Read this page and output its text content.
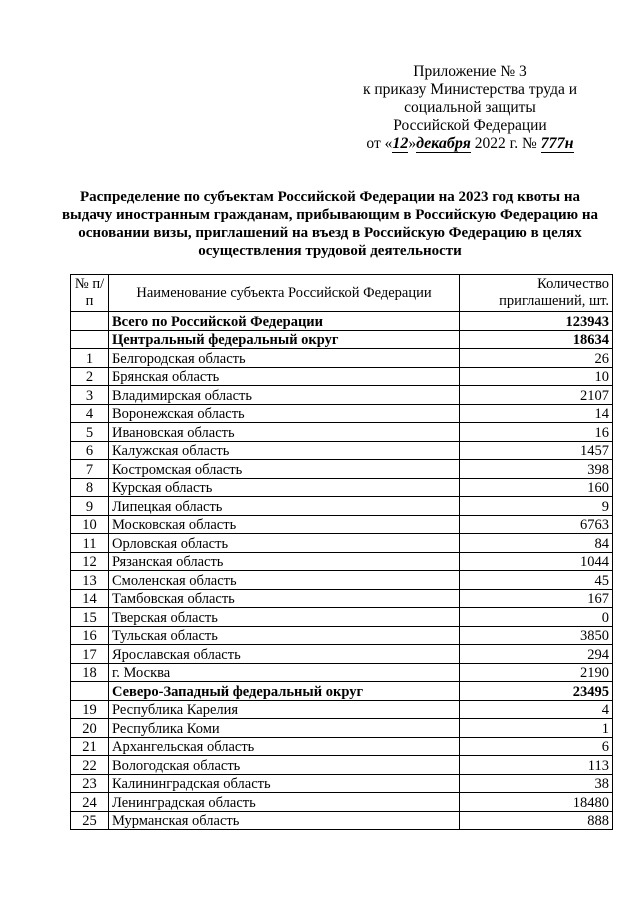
Приложение № 3
к приказу Министерства труда и
социальной защиты
Российской Федерации
от «12»декабря 2022 г. № 777н
Распределение по субъектам Российской Федерации на 2023 год квоты на выдачу иностранным гражданам, прибывающим в Российскую Федерацию на основании визы, приглашений на въезд в Российскую Федерацию в целях осуществления трудовой деятельности
№ п/п	Наименование субъекта Российской Федерации	Количество приглашений, шт.
	Всего по Российской Федерации	123943
	Центральный федеральный округ	18634
1	Белгородская область	26
2	Брянская область	10
3	Владимирская область	2107
4	Воронежская область	14
5	Ивановская область	16
6	Калужская область	1457
7	Костромская область	398
8	Курская область	160
9	Липецкая область	9
10	Московская область	6763
11	Орловская область	84
12	Рязанская область	1044
13	Смоленская область	45
14	Тамбовская область	167
15	Тверская область	0
16	Тульская область	3850
17	Ярославская область	294
18	г. Москва	2190
	Северо-Западный федеральный округ	23495
19	Республика Карелия	4
20	Республика Коми	1
21	Архангельская область	6
22	Вологодская область	113
23	Калининградская область	38
24	Ленинградская область	18480
25	Мурманская область	888
